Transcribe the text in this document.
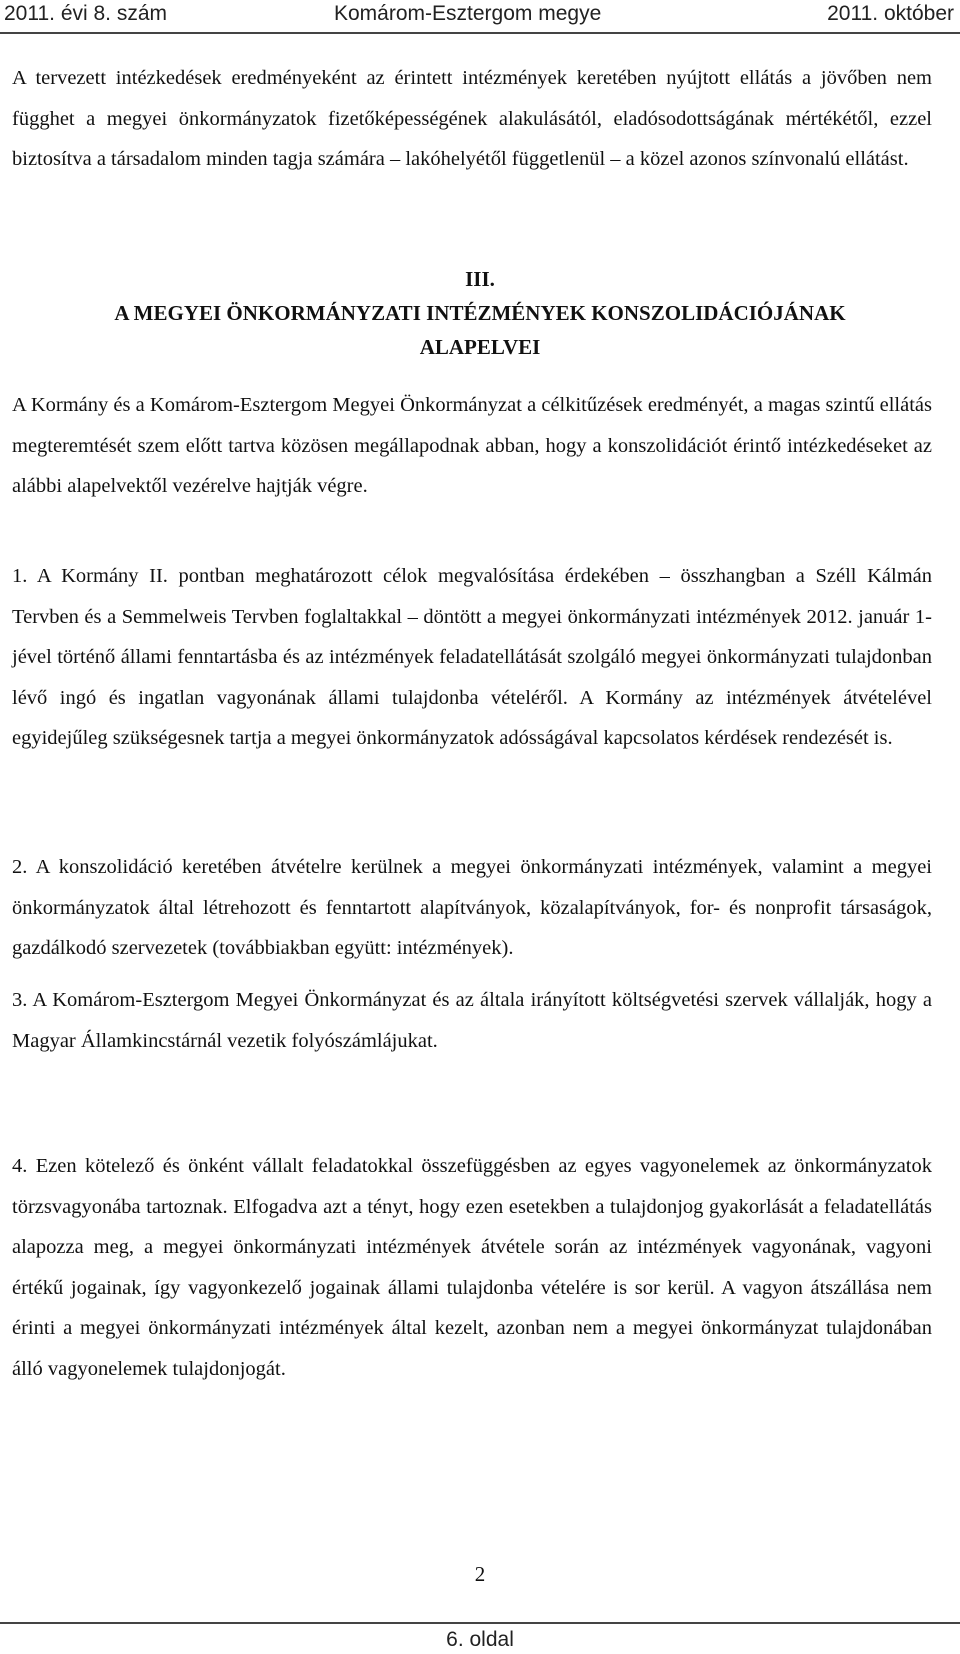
2011. évi 8. szám	Komárom-Esztergom megye	2011. október
A tervezett intézkedések eredményeként az érintett intézmények keretében nyújtott ellátás a jövőben nem függhet a megyei önkormányzatok fizetőképességének alakulásától, eladósodottságának mértékétől, ezzel biztosítva a társadalom minden tagja számára – lakóhelyétől függetlenül – a közel azonos színvonalú ellátást.
III.
A MEGYEI ÖNKORMÁNYZATI INTÉZMÉNYEK KONSZOLIDÁCIÓJÁNAK
ALAPELVEI
A Kormány és a Komárom-Esztergom Megyei Önkormányzat a célkitűzések eredményét, a magas szintű ellátás megteremtését szem előtt tartva közösen megállapodnak abban, hogy a konszolidációt érintő intézkedéseket az alábbi alapelvektől vezérelve hajtják végre.
1. A Kormány II. pontban meghatározott célok megvalósítása érdekében – összhangban a Széll Kálmán Tervben és a Semmelweis Tervben foglaltakkal – döntött a megyei önkormányzati intézmények 2012. január 1-jével történő állami fenntartásba és az intézmények feladatellátását szolgáló megyei önkormányzati tulajdonban lévő ingó és ingatlan vagyonának állami tulajdonba vételéről. A Kormány az intézmények átvételével egyidejűleg szükségesnek tartja a megyei önkormányzatok adósságával kapcsolatos kérdések rendezését is.
2. A konszolidáció keretében átvételre kerülnek a megyei önkormányzati intézmények, valamint a megyei önkormányzatok által létrehozott és fenntartott alapítványok, közalapítványok, for- és nonprofit társaságok, gazdálkodó szervezetek (továbbiakban együtt: intézmények).
3. A Komárom-Esztergom Megyei Önkormányzat és az általa irányított költségvetési szervek vállalják, hogy a Magyar Államkincstárnál vezetik folyószámlájukat.
4. Ezen kötelező és önként vállalt feladatokkal összefüggésben az egyes vagyonelemek az önkormányzatok törzsvagyonába tartoznak. Elfogadva azt a tényt, hogy ezen esetekben a tulajdonjog gyakorlását a feladatellátás alapozza meg, a megyei önkormányzati intézmények átvétele során az intézmények vagyonának, vagyoni értékű jogainak, így vagyonkezelő jogainak állami tulajdonba vételére is sor kerül. A vagyon átszállása nem érinti a megyei önkormányzati intézmények által kezelt, azonban nem a megyei önkormányzat tulajdonában álló vagyonelemek tulajdonjogát.
2
6. oldal
